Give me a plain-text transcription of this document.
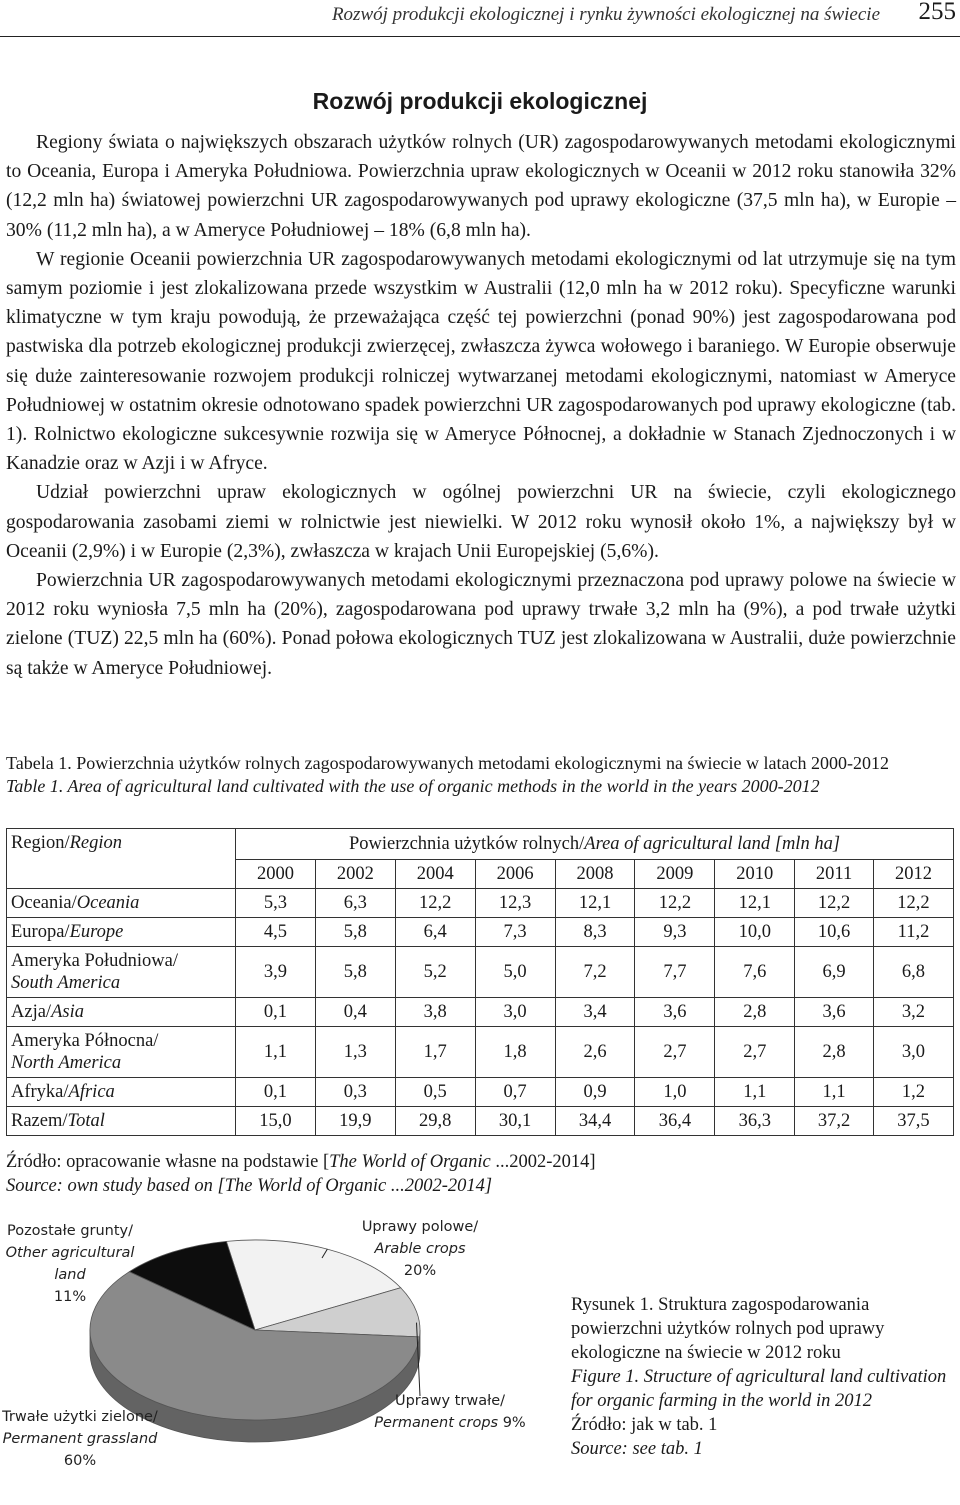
Rozwój produkcji ekologicznej i rynku żywności ekologicznej na świecie 255
Rozwój produkcji ekologicznej

Regiony świata o największych obszarach użytków rolnych (UR) zagospodarowywanych metodami ekologicznymi to Oceania, Europa i Ameryka Południowa. Powierzchnia upraw ekologicznych w Oceanii w 2012 roku stanowiła 32% (12,2 mln ha) światowej powierzchni UR zagospodarowywanych pod uprawy ekologiczne (37,5 mln ha), w Europie – 30% (11,2 mln ha), a w Ameryce Południowej – 18% (6,8 mln ha).

W regionie Oceanii powierzchnia UR zagospodarowywanych metodami ekologicznymi od lat utrzymuje się na tym samym poziomie i jest zlokalizowana przede wszystkim w Australii (12,0 mln ha w 2012 roku). Specyficzne warunki klimatyczne w tym kraju powodują, że przeważająca część tej powierzchni (ponad 90%) jest zagospodarowana pod pastwiska dla potrzeb ekologicznej produkcji zwierzęcej, zwłaszcza żywca wołowego i baraniego. W Europie obserwuje się duże zainteresowanie rozwojem produkcji rolniczej wytwarzanej metodami ekologicznymi, natomiast w Ameryce Południowej w ostatnim okresie odnotowano spadek powierzchni UR zagospodarowanych pod uprawy ekologiczne (tab. 1). Rolnictwo ekologiczne sukcesywnie rozwija się w Ameryce Północnej, a dokładnie w Stanach Zjednoczonych i w Kanadzie oraz w Azji i w Afryce.

Udział powierzchni upraw ekologicznych w ogólnej powierzchni UR na świecie, czyli ekologicznego gospodarowania zasobami ziemi w rolnictwie jest niewielki. W 2012 roku wynosił około 1%, a największy był w Oceanii (2,9%) i w Europie (2,3%), zwłaszcza w krajach Unii Europejskiej (5,6%).

Powierzchnia UR zagospodarowywanych metodami ekologicznymi przeznaczona pod uprawy polowe na świecie w 2012 roku wyniosła 7,5 mln ha (20%), zagospodarowana pod uprawy trwałe 3,2 mln ha (9%), a pod trwałe użytki zielone (TUZ) 22,5 mln ha (60%). Ponad połowa ekologicznych TUZ jest zlokalizowana w Australii, duże powierzchnie są także w Ameryce Południowej.

Tabela 1. Powierzchnia użytków rolnych zagospodarowywanych metodami ekologicznymi na świecie w latach 2000-2012
Table 1. Area of agricultural land cultivated with the use of organic methods in the world in the years 2000-2012
Region/Region	Powierzchnia użytków rolnych/Area of agricultural land [mln ha]								
	2000	2002	2004	2006	2008	2009	2010	2011	2012
Oceania/Oceania	5,3	6,3	12,2	12,3	12,1	12,2	12,1	12,2	12,2
Europa/Europe	4,5	5,8	6,4	7,3	8,3	9,3	10,0	10,6	11,2
Ameryka Południowa/
South America	3,9	5,8	5,2	5,0	7,2	7,7	7,6	6,9	6,8
Azja/Asia	0,1	0,4	3,8	3,0	3,4	3,6	2,8	3,6	3,2
Ameryka Północna/
North America	1,1	1,3	1,7	1,8	2,6	2,7	2,7	2,8	3,0
Afryka/Africa	0,1	0,3	0,5	0,7	0,9	1,0	1,1	1,1	1,2
Razem/Total	15,0	19,9	29,8	30,1	34,4	36,4	36,3	37,2	37,5
Źródło: opracowanie własne na podstawie [The World of Organic ...2002-2014]
Source: own study based on [The World of Organic ...2002-2014]
Pozostałe grunty/
Other agricultural land
11%
Uprawy polowe/
Arable crops
20%
Uprawy trwałe/
Permanent crops 9%
Trwałe użytki zielone/
Permanent grassland
60%
Rysunek 1. Struktura zagospodarowania powierzchni użytków rolnych pod uprawy ekologiczne na świecie w 2012 roku
Figure 1. Structure of agricultural land cultivation for organic farming in the world in 2012
Źródło: jak w tab. 1
Source: see tab. 1
